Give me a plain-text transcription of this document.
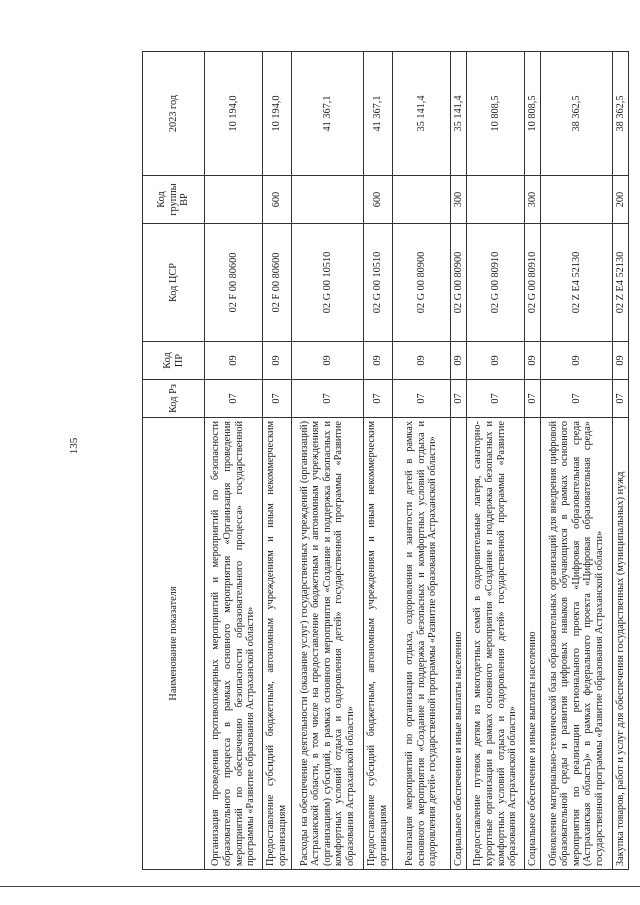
135
Наименование показателя	Код Рз	Код ПР	Код ЦСР	Код группы ВР	2023 год
Организация проведения противопожарных мероприятий и мероприятий по безопасности образовательного процесса в рамках основного мероприятия «Организация проведения мероприятий по обеспечению безопасности образовательного процесса» государственной программы «Развитие образования Астраханской области»	07	09	02 F 00 80600		10 194,0
Предоставление субсидий бюджетным, автономным учреждениям и иным некоммерческим организациям	07	09	02 F 00 80600	600	10 194,0
Расходы на обеспечение деятельности (оказание услуг) государственных учреждений (организаций) Астраханской области, в том числе на предоставление бюджетным и автономным учреждениям (организациям) субсидий, в рамках основного мероприятия «Создание и поддержка безопасных и комфортных условий отдыха и оздоровления детей» государственной программы «Развитие образования Астраханской области»	07	09	02 G 00 10510		41 367,1
Предоставление субсидий бюджетным, автономным учреждениям и иным некоммерческим организациям	07	09	02 G 00 10510	600	41 367,1
Реализация мероприятий по организации отдыха, оздоровления и занятости детей в рамках основного мероприятия «Создание и поддержка безопасных и комфортных условий отдыха и оздоровления детей» государственной программы «Развитие образования Астраханской области»	07	09	02 G 00 80900		35 141,4
Социальное обеспечение и иные выплаты населению	07	09	02 G 00 80900	300	35 141,4
Предоставление путевок детям из многодетных семей в оздоровительные лагеря, санаторно-курортные организации в рамках основного мероприятия «Создание и поддержка безопасных и комфортных условий отдыха и оздоровления детей» государственной программы «Развитие образования Астраханской области»	07	09	02 G 00 80910		10 808,5
Социальное обеспечение и иные выплаты населению	07	09	02 G 00 80910	300	10 808,5
Обновление материально-технической базы образовательных организаций для внедрения цифровой образовательной среды и развития цифровых навыков обучающихся в рамках основного мероприятия по реализации регионального проекта «Цифровая образовательная среда (Астраханская область)» в рамках федерального проекта «Цифровая образовательная среда» государственной программы «Развитие образования Астраханской области»	07	09	02 Z E4 52130		38 362,5
Закупка товаров, работ и услуг для обеспечения государственных (муниципальных) нужд	07	09	02 Z E4 52130	200	38 362,5
